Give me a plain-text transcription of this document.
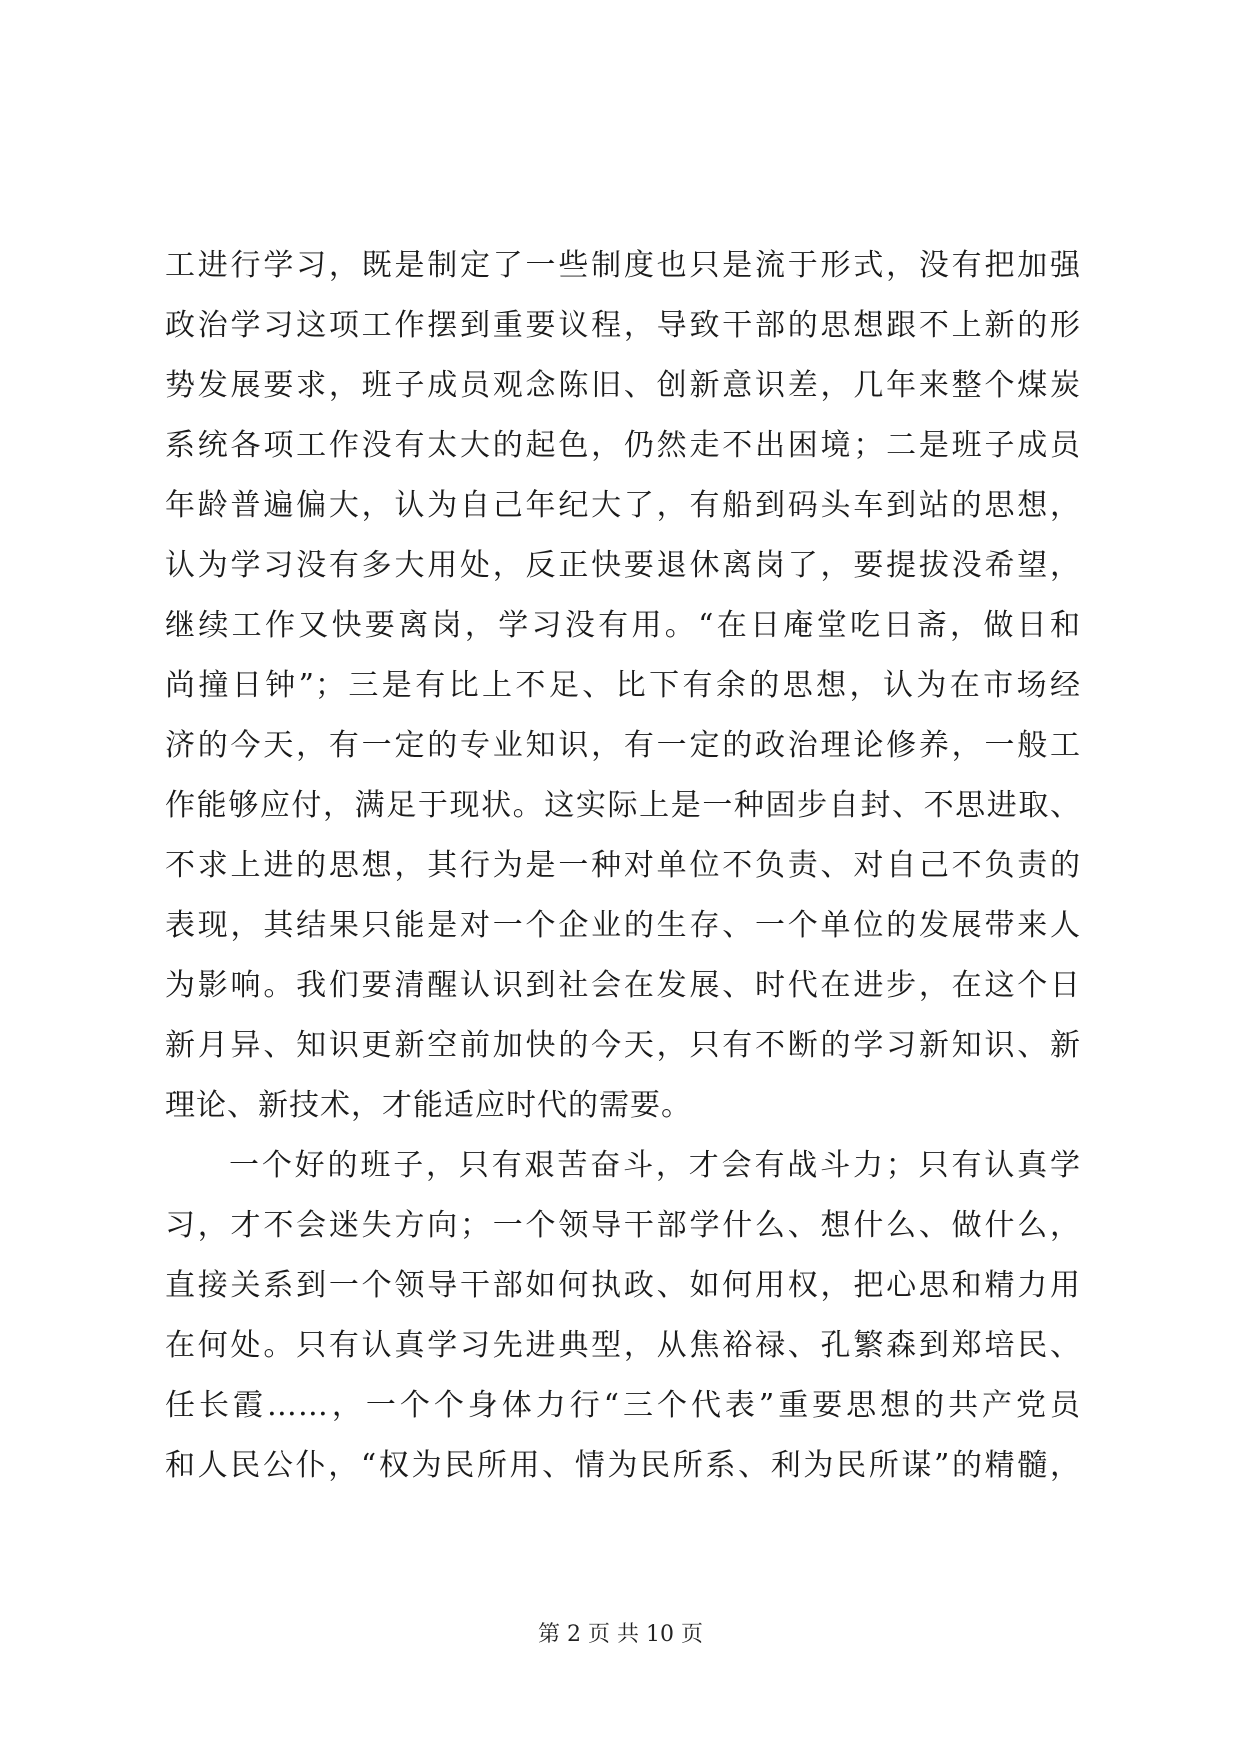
工进行学习，既是制定了一些制度也只是流于形式，没有把加强
政治学习这项工作摆到重要议程，导致干部的思想跟不上新的形
势发展要求，班子成员观念陈旧、创新意识差，几年来整个煤炭
系统各项工作没有太大的起色，仍然走不出困境；二是班子成员
年龄普遍偏大，认为自己年纪大了，有船到码头车到站的思想，
认为学习没有多大用处，反正快要退休离岗了，要提拔没希望，
继续工作又快要离岗，学习没有用。“在日庵堂吃日斋，做日和
尚撞日钟”；三是有比上不足、比下有余的思想，认为在市场经
济的今天，有一定的专业知识，有一定的政治理论修养，一般工
作能够应付，满足于现状。这实际上是一种固步自封、不思进取、
不求上进的思想，其行为是一种对单位不负责、对自己不负责的
表现，其结果只能是对一个企业的生存、一个单位的发展带来人
为影响。我们要清醒认识到社会在发展、时代在进步，在这个日
新月异、知识更新空前加快的今天，只有不断的学习新知识、新
理论、新技术，才能适应时代的需要。
一个好的班子，只有艰苦奋斗，才会有战斗力；只有认真学
习，才不会迷失方向；一个领导干部学什么、想什么、做什么，
直接关系到一个领导干部如何执政、如何用权，把心思和精力用
在何处。只有认真学习先进典型，从焦裕禄、孔繁森到郑培民、
任长霞……，一个个身体力行“三个代表”重要思想的共产党员
和人民公仆，“权为民所用、情为民所系、利为民所谋”的精髓，
第 2 页 共 10 页
